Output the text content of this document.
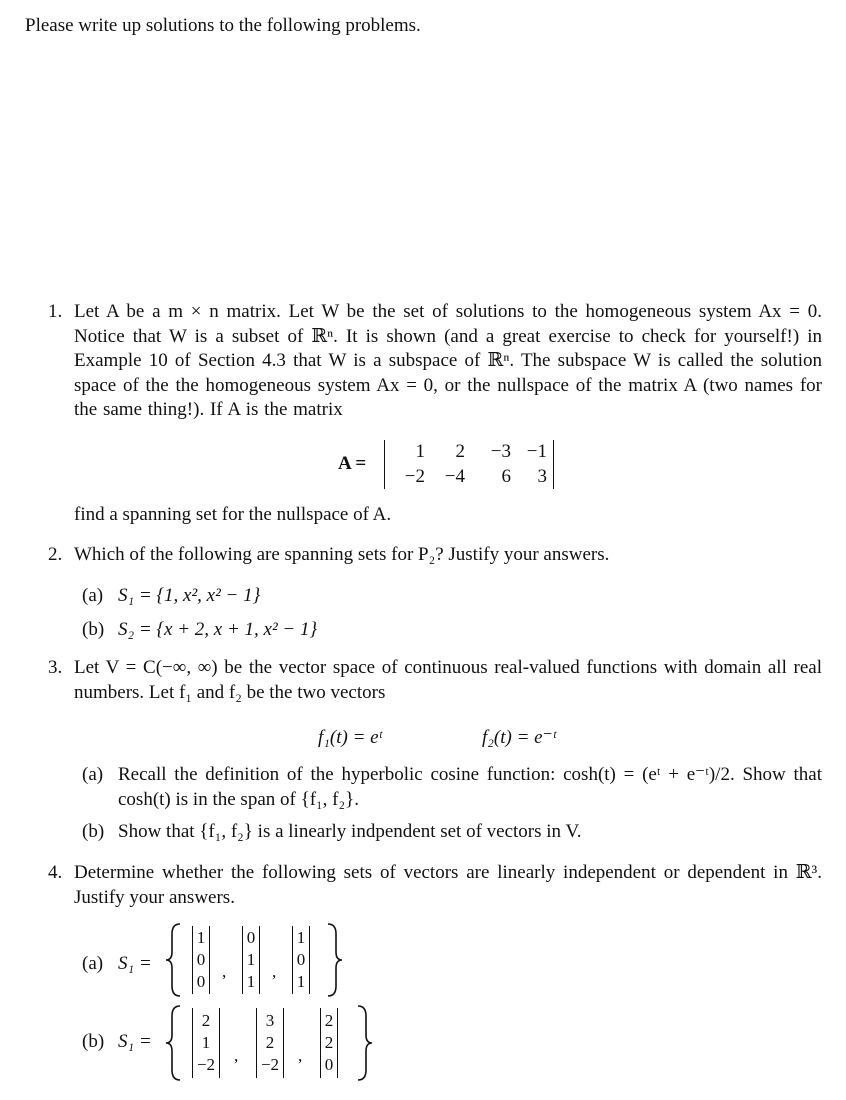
Please write up solutions to the following problems.
1. Let A be a m × n matrix. Let W be the set of solutions to the homogeneous system Ax = 0. Notice that W is a subset of ℝⁿ. It is shown (and a great exercise to check for yourself!) in Example 10 of Section 4.3 that W is a subspace of ℝⁿ. The subspace W is called the solution space of the the homogeneous system Ax = 0, or the nullspace of the matrix A (two names for the same thing!). If A is the matrix
A =
1	2	−3 −1
−2	−4	6	3
find a spanning set for the nullspace of A.
2. Which of the following are spanning sets for P₂? Justify your answers.
(a) S₁ = {1, x², x² − 1}
(b) S₂ = {x + 2, x + 1, x² − 1}
3. Let V = C(−∞, ∞) be the vector space of continuous real-valued functions with domain all real numbers. Let f₁ and f₂ be the two vectors
f₁(t) = eᵗ	f₂(t) = e⁻ᵗ
(a) Recall the definition of the hyperbolic cosine function: cosh(t) = (eᵗ + e⁻ᵗ)/2. Show that cosh(t) is in the span of {f₁, f₂}.
(b) Show that {f₁, f₂} is a linearly indpendent set of vectors in V.
4. Determine whether the following sets of vectors are linearly independent or dependent in ℝ³. Justify your answers.
(a) S₁ =
1
0
0
,
0
1
1
,
1
0
1
(b) S₁ =
2
1
−2 ,
3
2
−2 ,
2
2
0
